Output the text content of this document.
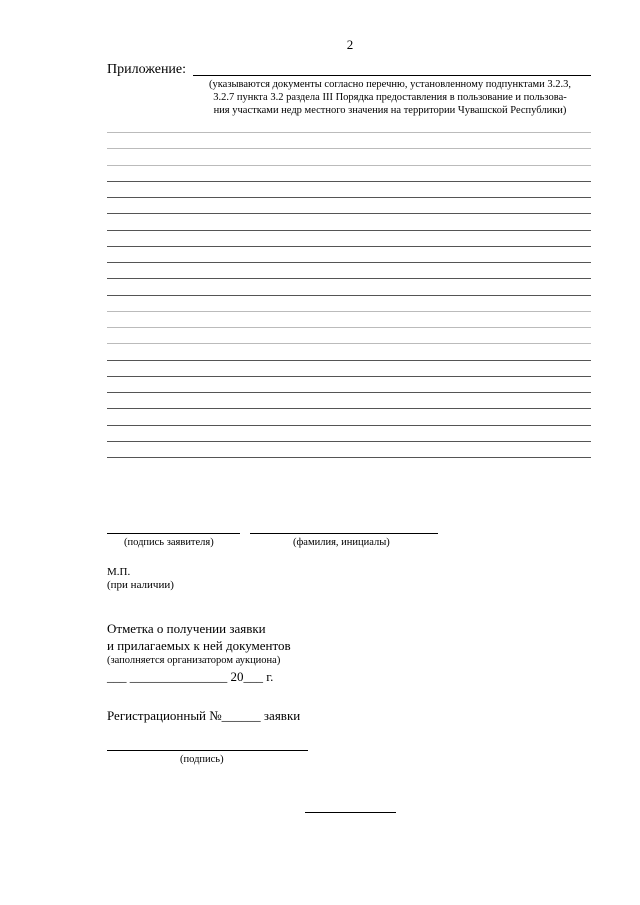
2
Приложение:
(указываются документы согласно перечню, установленному подпунктами 3.2.3,
3.2.7 пункта 3.2 раздела III Порядка предоставления в пользование и пользова-
ния участками недр местного значения на территории Чувашской Республики)
(подпись заявителя)	(фамилия, инициалы)
М.П.
(при наличии)
Отметка о получении заявки
и прилагаемых к ней документов
(заполняется организатором аукциона)
___ _______________ 20___ г.
Регистрационный №______ заявки
(подпись)
